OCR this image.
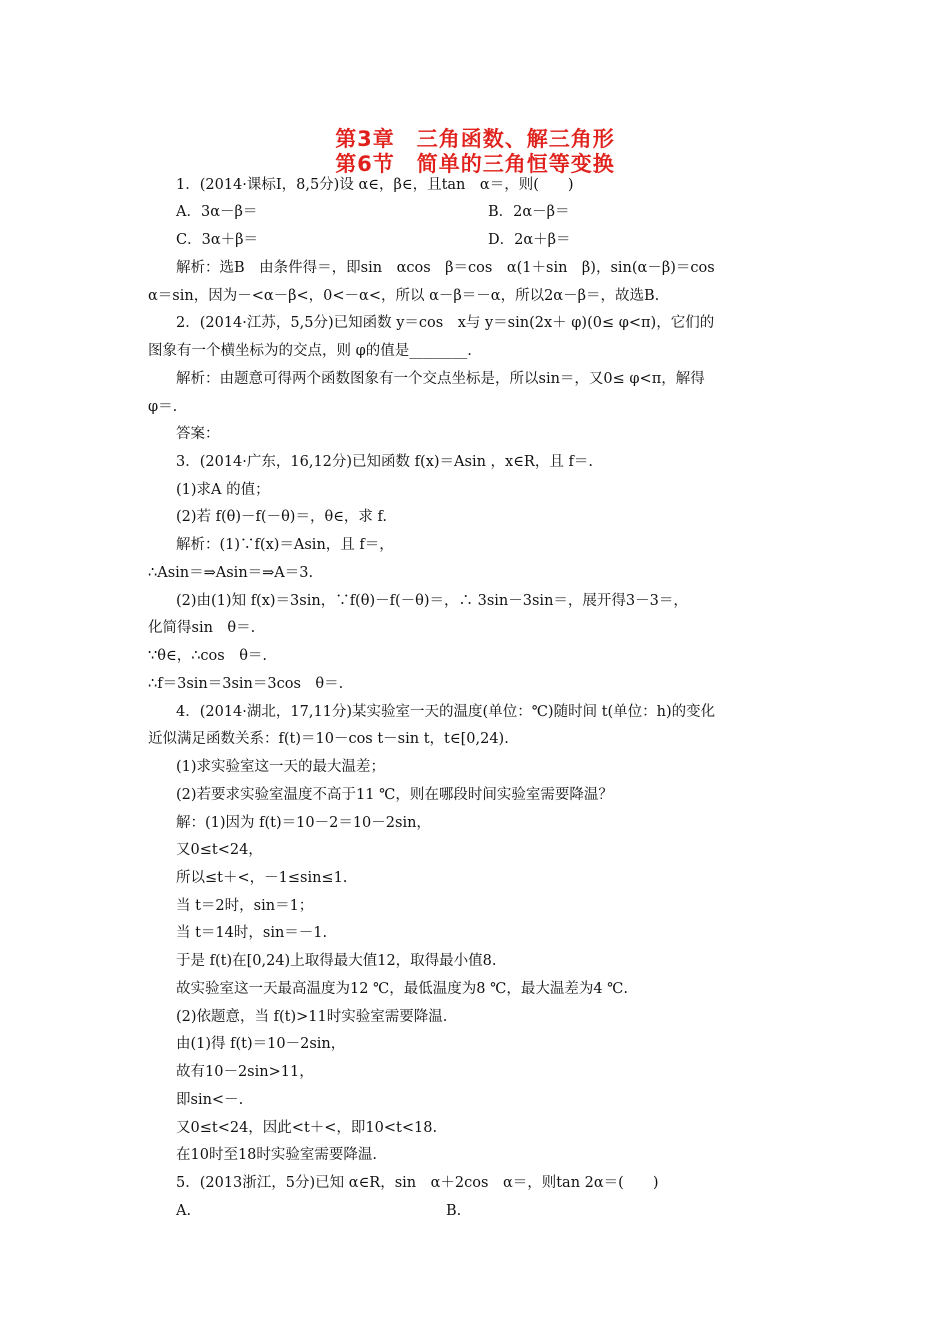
第3章　三角函数、解三角形
第6节　简单的三角恒等变换
1．(2014·课标Ⅰ，8,5分)设 α∈，β∈，且tan　α＝，则(　　)
A．3α－β＝	B．2α－β＝
C．3α＋β＝	D．2α＋β＝
解析：选B　由条件得＝，即sin　αcos　β＝cos　α(1＋sin　β)，sin(α－β)＝cos
α＝sin，因为－<α－β<，0<－α<，所以 α－β＝－α，所以2α－β＝，故选B.
2．(2014·江苏，5,5分)已知函数 y＝cos　x与 y＝sin(2x＋ φ)(0≤ φ<π)，它们的
图象有一个横坐标为的交点，则 φ的值是________.
解析：由题意可得两个函数图象有一个交点坐标是，所以sin＝，又0≤ φ<π，解得
φ＝.
答案：
3．(2014·广东，16,12分)已知函数 f(x)＝Asin ，x∈R，且 f＝.
(1)求A 的值；
(2)若 f(θ)－f(－θ)＝，θ∈，求 f.
解析：(1)∵f(x)＝Asin，且 f＝，
∴Asin＝⇒Asin＝⇒A＝3.
(2)由(1)知 f(x)＝3sin，∵f(θ)－f(－θ)＝，∴ 3sin－3sin＝，展开得3－3＝，
化简得sin　θ＝.
∵θ∈，∴cos　θ＝.
∴f＝3sin＝3sin＝3cos　θ＝.
4．(2014·湖北，17,11分)某实验室一天的温度(单位：℃)随时间 t(单位：h)的变化
近似满足函数关系：f(t)＝10－cos t－sin t，t∈[0,24).
(1)求实验室这一天的最大温差；
(2)若要求实验室温度不高于11 ℃，则在哪段时间实验室需要降温？
解：(1)因为 f(t)＝10－2＝10－2sin，
又0≤t<24，
所以≤t＋<，－1≤sin≤1.
当 t＝2时，sin＝1；
当 t＝14时，sin＝－1.
于是 f(t)在[0,24)上取得最大值12，取得最小值8.
故实验室这一天最高温度为12 ℃，最低温度为8 ℃，最大温差为4 ℃.
(2)依题意，当 f(t)>11时实验室需要降温.
由(1)得 f(t)＝10－2sin，
故有10－2sin>11，
即sin<－.
又0≤t<24，因此<t＋<，即10<t<18.
在10时至18时实验室需要降温.
5．(2013浙江，5分)已知 α∈R，sin　α＋2cos　α＝，则tan 2α＝(　　)
A.	B.
